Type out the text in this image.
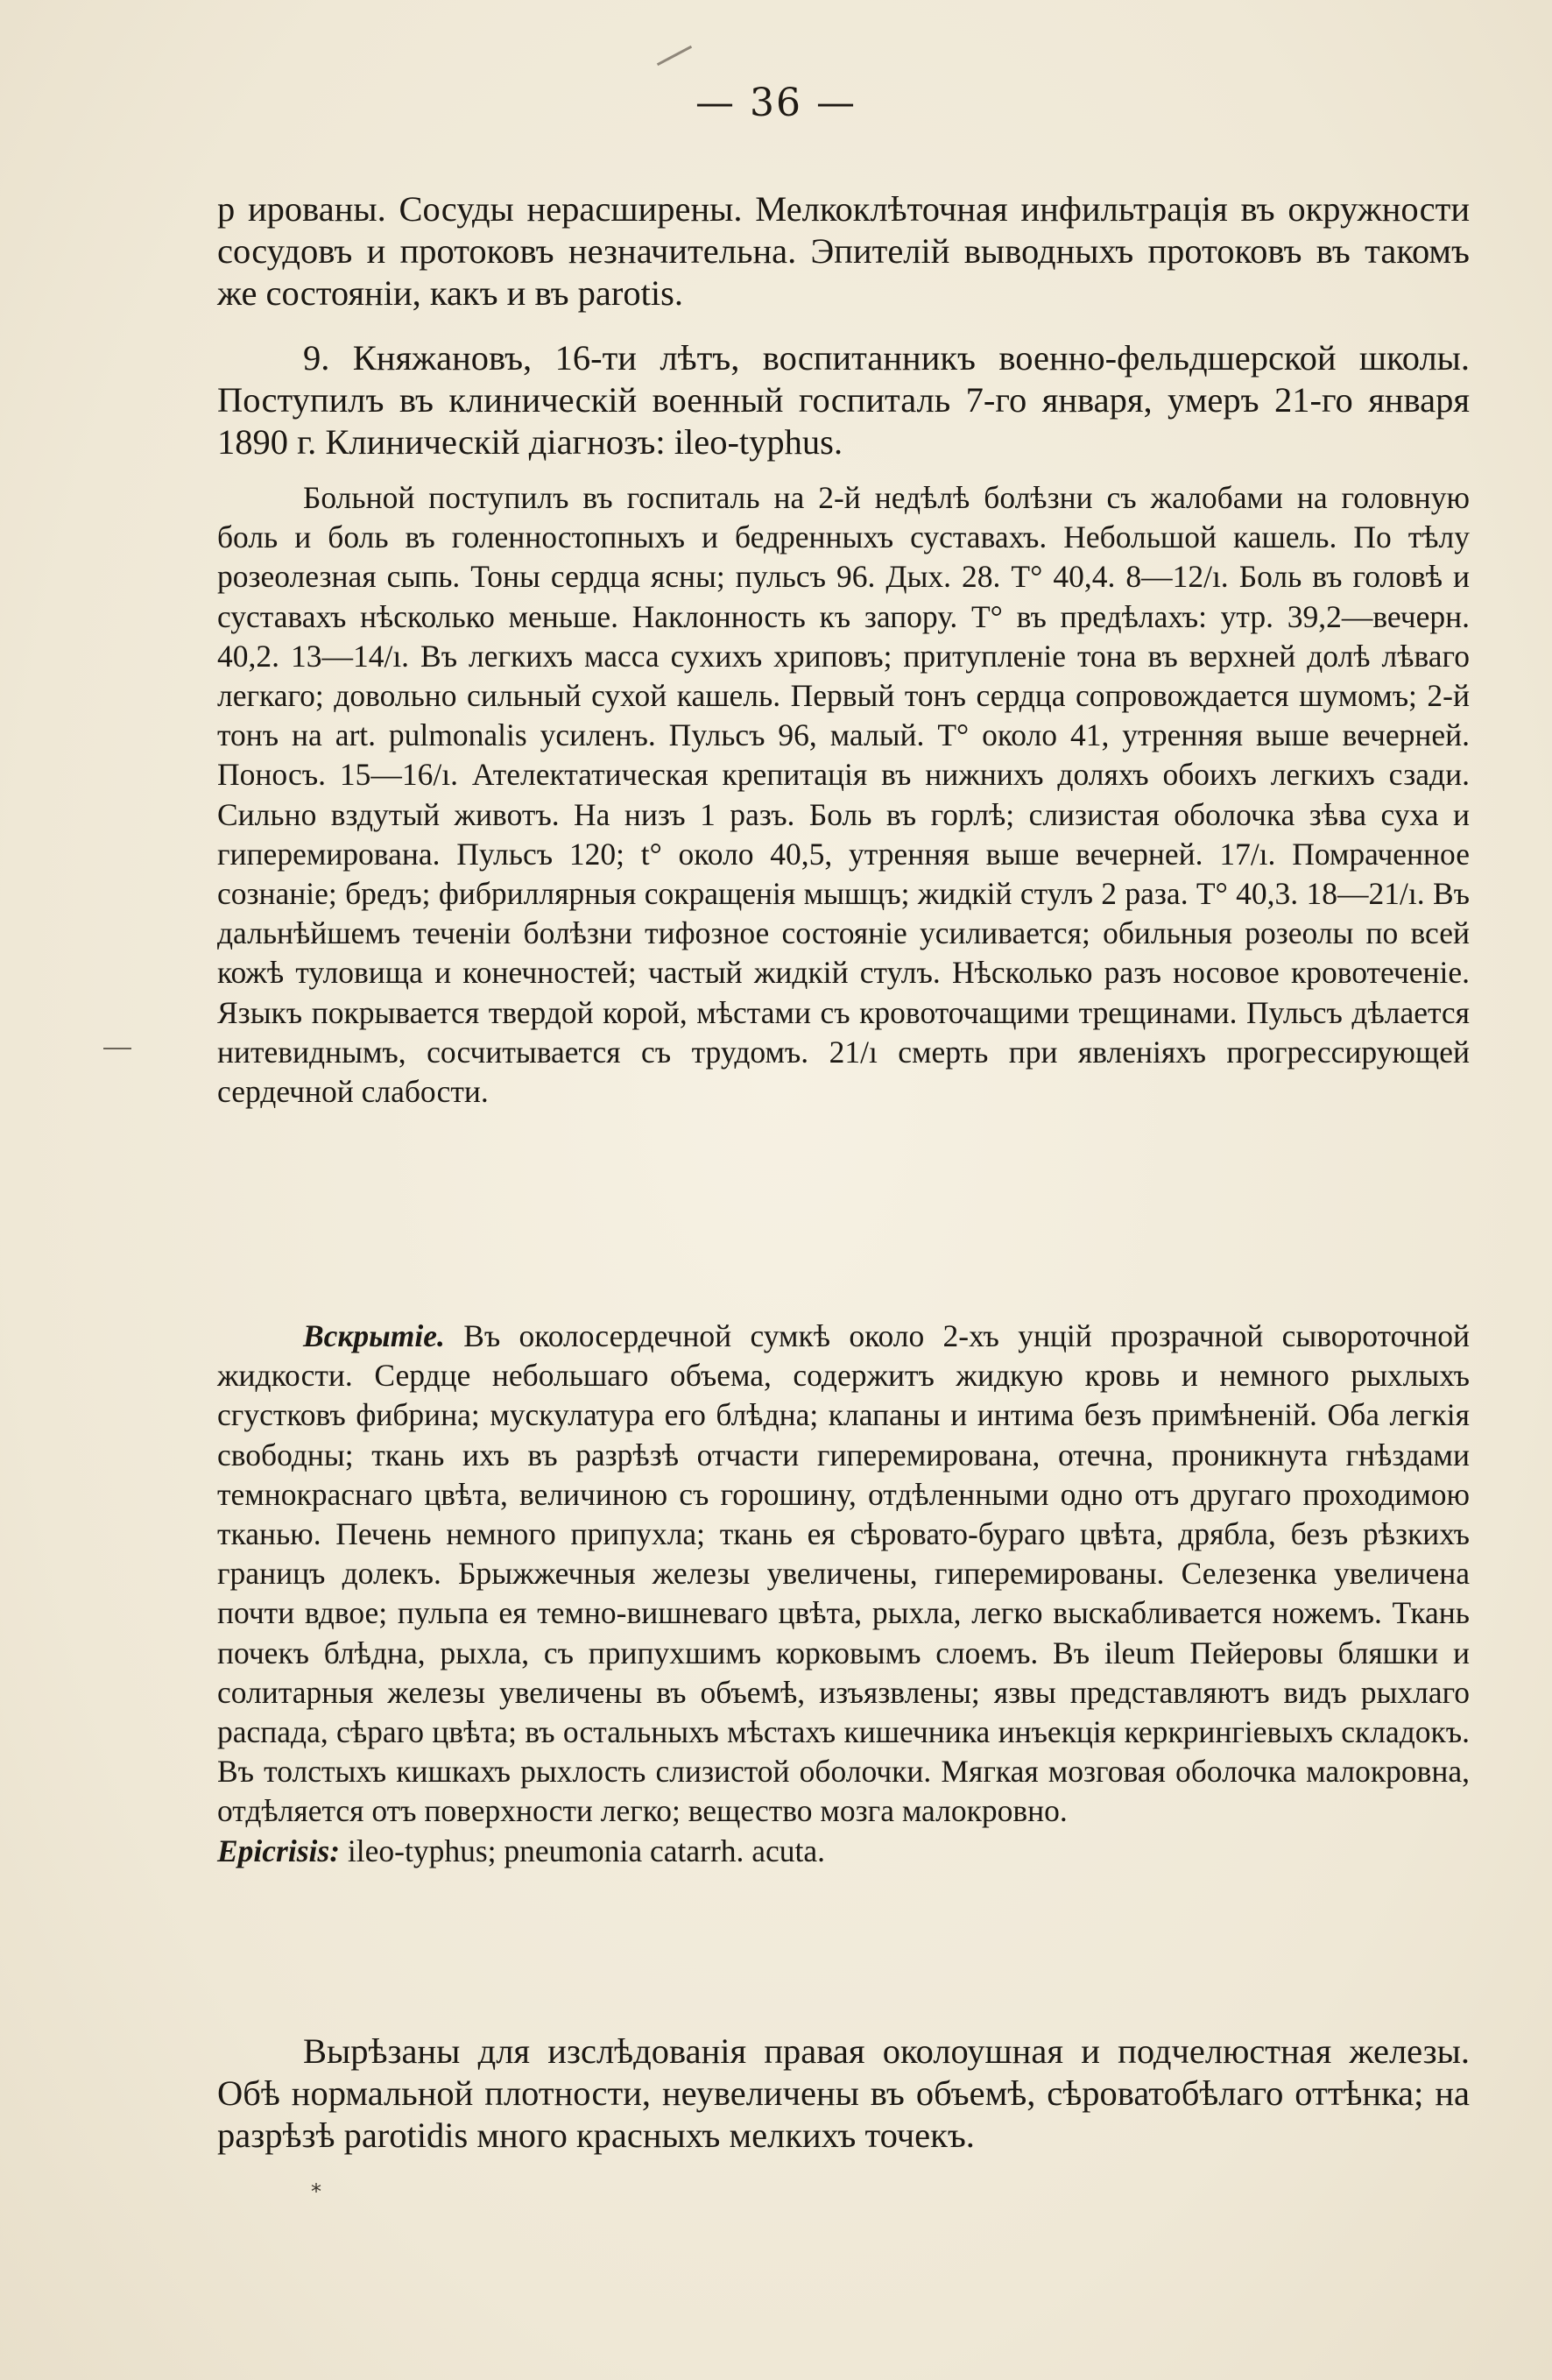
— 36 —

р ированы. Сосуды нерасширены. Мелкоклѣточная инфильтрація въ окружности сосудовъ и протоковъ незначительна. Эпителій выводныхъ протоковъ въ такомъ же состояніи, какъ и въ parotis.

9. Княжановъ, 16-ти лѣтъ, воспитанникъ военно-фельдшерской школы. Поступилъ въ клиническій военный госпиталь 7-го января, умеръ 21-го января 1890 г. Клиническій діагнозъ: ileo-typhus.

Больной поступилъ въ госпиталь на 2-й недѣлѣ болѣзни съ жалобами на головную боль и боль въ голенностопныхъ и бедренныхъ суставахъ. Небольшой кашель. По тѣлу розеолезная сыпь. Тоны сердца ясны; пульсъ 96. Дых. 28. T° 40,4. 8—12/ı. Боль въ головѣ и суставахъ нѣсколько меньше. Наклонность къ запору. T° въ предѣлахъ: утр. 39,2—вечерн. 40,2. 13—14/ı. Въ легкихъ масса сухихъ хриповъ; притупленіе тона въ верхней долѣ лѣваго легкаго; довольно сильный сухой кашель. Первый тонъ сердца сопровождается шумомъ; 2-й тонъ на art. pulmonalis усиленъ. Пульсъ 96, малый. T° около 41, утренняя выше вечерней. Поносъ. 15—16/ı. Ателектатическая крепитація въ нижнихъ доляхъ обоихъ легкихъ сзади. Сильно вздутый животъ. На низъ 1 разъ. Боль въ горлѣ; слизистая оболочка зѣва суха и гиперемирована. Пульсъ 120; t° около 40,5, утренняя выше вечерней. 17/ı. Помраченное сознаніе; бредъ; фибриллярныя сокращенія мышцъ; жидкій стулъ 2 раза. T° 40,3. 18—21/ı. Въ дальнѣйшемъ теченіи болѣзни тифозное состояніе усиливается; обильныя розеолы по всей кожѣ туловища и конечностей; частый жидкій стулъ. Нѣсколько разъ носовое кровотеченіе. Языкъ покрывается твердой корой, мѣстами съ кровоточащими трещинами. Пульсъ дѣлается нитевиднымъ, сосчитывается съ трудомъ. 21/ı смерть при явленіяхъ прогрессирующей сердечной слабости.

Вскрытіе. Въ околосердечной сумкѣ около 2-хъ унцій прозрачной сывороточной жидкости. Сердце небольшаго объема, содержитъ жидкую кровь и немного рыхлыхъ сгустковъ фибрина; мускулатура его блѣдна; клапаны и интима безъ примѣненій. Оба легкія свободны; ткань ихъ въ разрѣзѣ отчасти гиперемирована, отечна, проникнута гнѣздами темнокраснаго цвѣта, величиною съ горошину, отдѣленными одно отъ другаго проходимою тканью. Печень немного припухла; ткань ея сѣровато-бураго цвѣта, дрябла, безъ рѣзкихъ границъ долекъ. Брыжжечныя железы увеличены, гиперемированы. Селезенка увеличена почти вдвое; пульпа ея темно-вишневаго цвѣта, рыхла, легко выскабливается ножемъ. Ткань почекъ блѣдна, рыхла, съ припухшимъ корковымъ слоемъ. Въ ileum Пейеровы бляшки и солитарныя железы увеличены въ объемѣ, изъязвлены; язвы представляютъ видъ рыхлаго распада, сѣраго цвѣта; въ остальныхъ мѣстахъ кишечника инъекція керкрингіевыхъ складокъ. Въ толстыхъ кишкахъ рыхлость слизистой оболочки. Мягкая мозговая оболочка малокровна, отдѣляется отъ поверхности легко; вещество мозга малокровно.

Epicrisis: ileo-typhus; pneumonia catarrh. acuta.

Вырѣзаны для изслѣдованія правая околоушная и подчелюстная железы. Обѣ нормальной плотности, неувеличены въ объемѣ, сѣроватобѣлаго оттѣнка; на разрѣзѣ parotidis много красныхъ мелкихъ точекъ.

*
